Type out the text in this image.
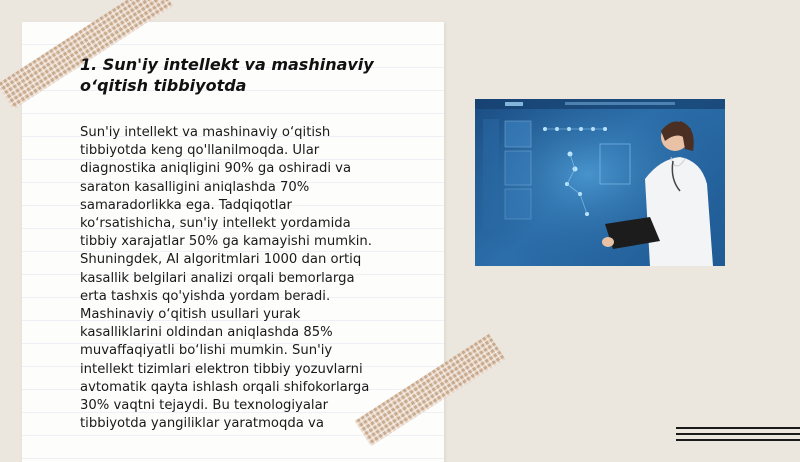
1. Sun'iy intellekt va mashinaviy o‘qitish tibbiyotda

Sun'iy intellekt va mashinaviy o‘qitish
tibbiyotda keng qo'llanilmoqda. Ular
diagnostika aniqligini 90% ga oshiradi va
saraton kasalligini aniqlashda 70%
samaradorlikka ega. Tadqiqotlar
ko‘rsatishicha, sun'iy intellekt yordamida
tibbiy xarajatlar 50% ga kamayishi mumkin.
Shuningdek, AI algoritmlari 1000 dan ortiq
kasallik belgilari analizi orqali bemorlarga
erta tashxis qo'yishda yordam beradi.
Mashinaviy o‘qitish usullari yurak
kasalliklarini oldindan aniqlashda 85%
muvaffaqiyatli bo‘lishi mumkin. Sun'iy
intellekt tizimlari elektron tibbiy yozuvlarni
avtomatik qayta ishlash orqali shifokorlarga
30% vaqtni tejaydi. Bu texnologiyalar
tibbiyotda yangiliklar yaratmoqda va
